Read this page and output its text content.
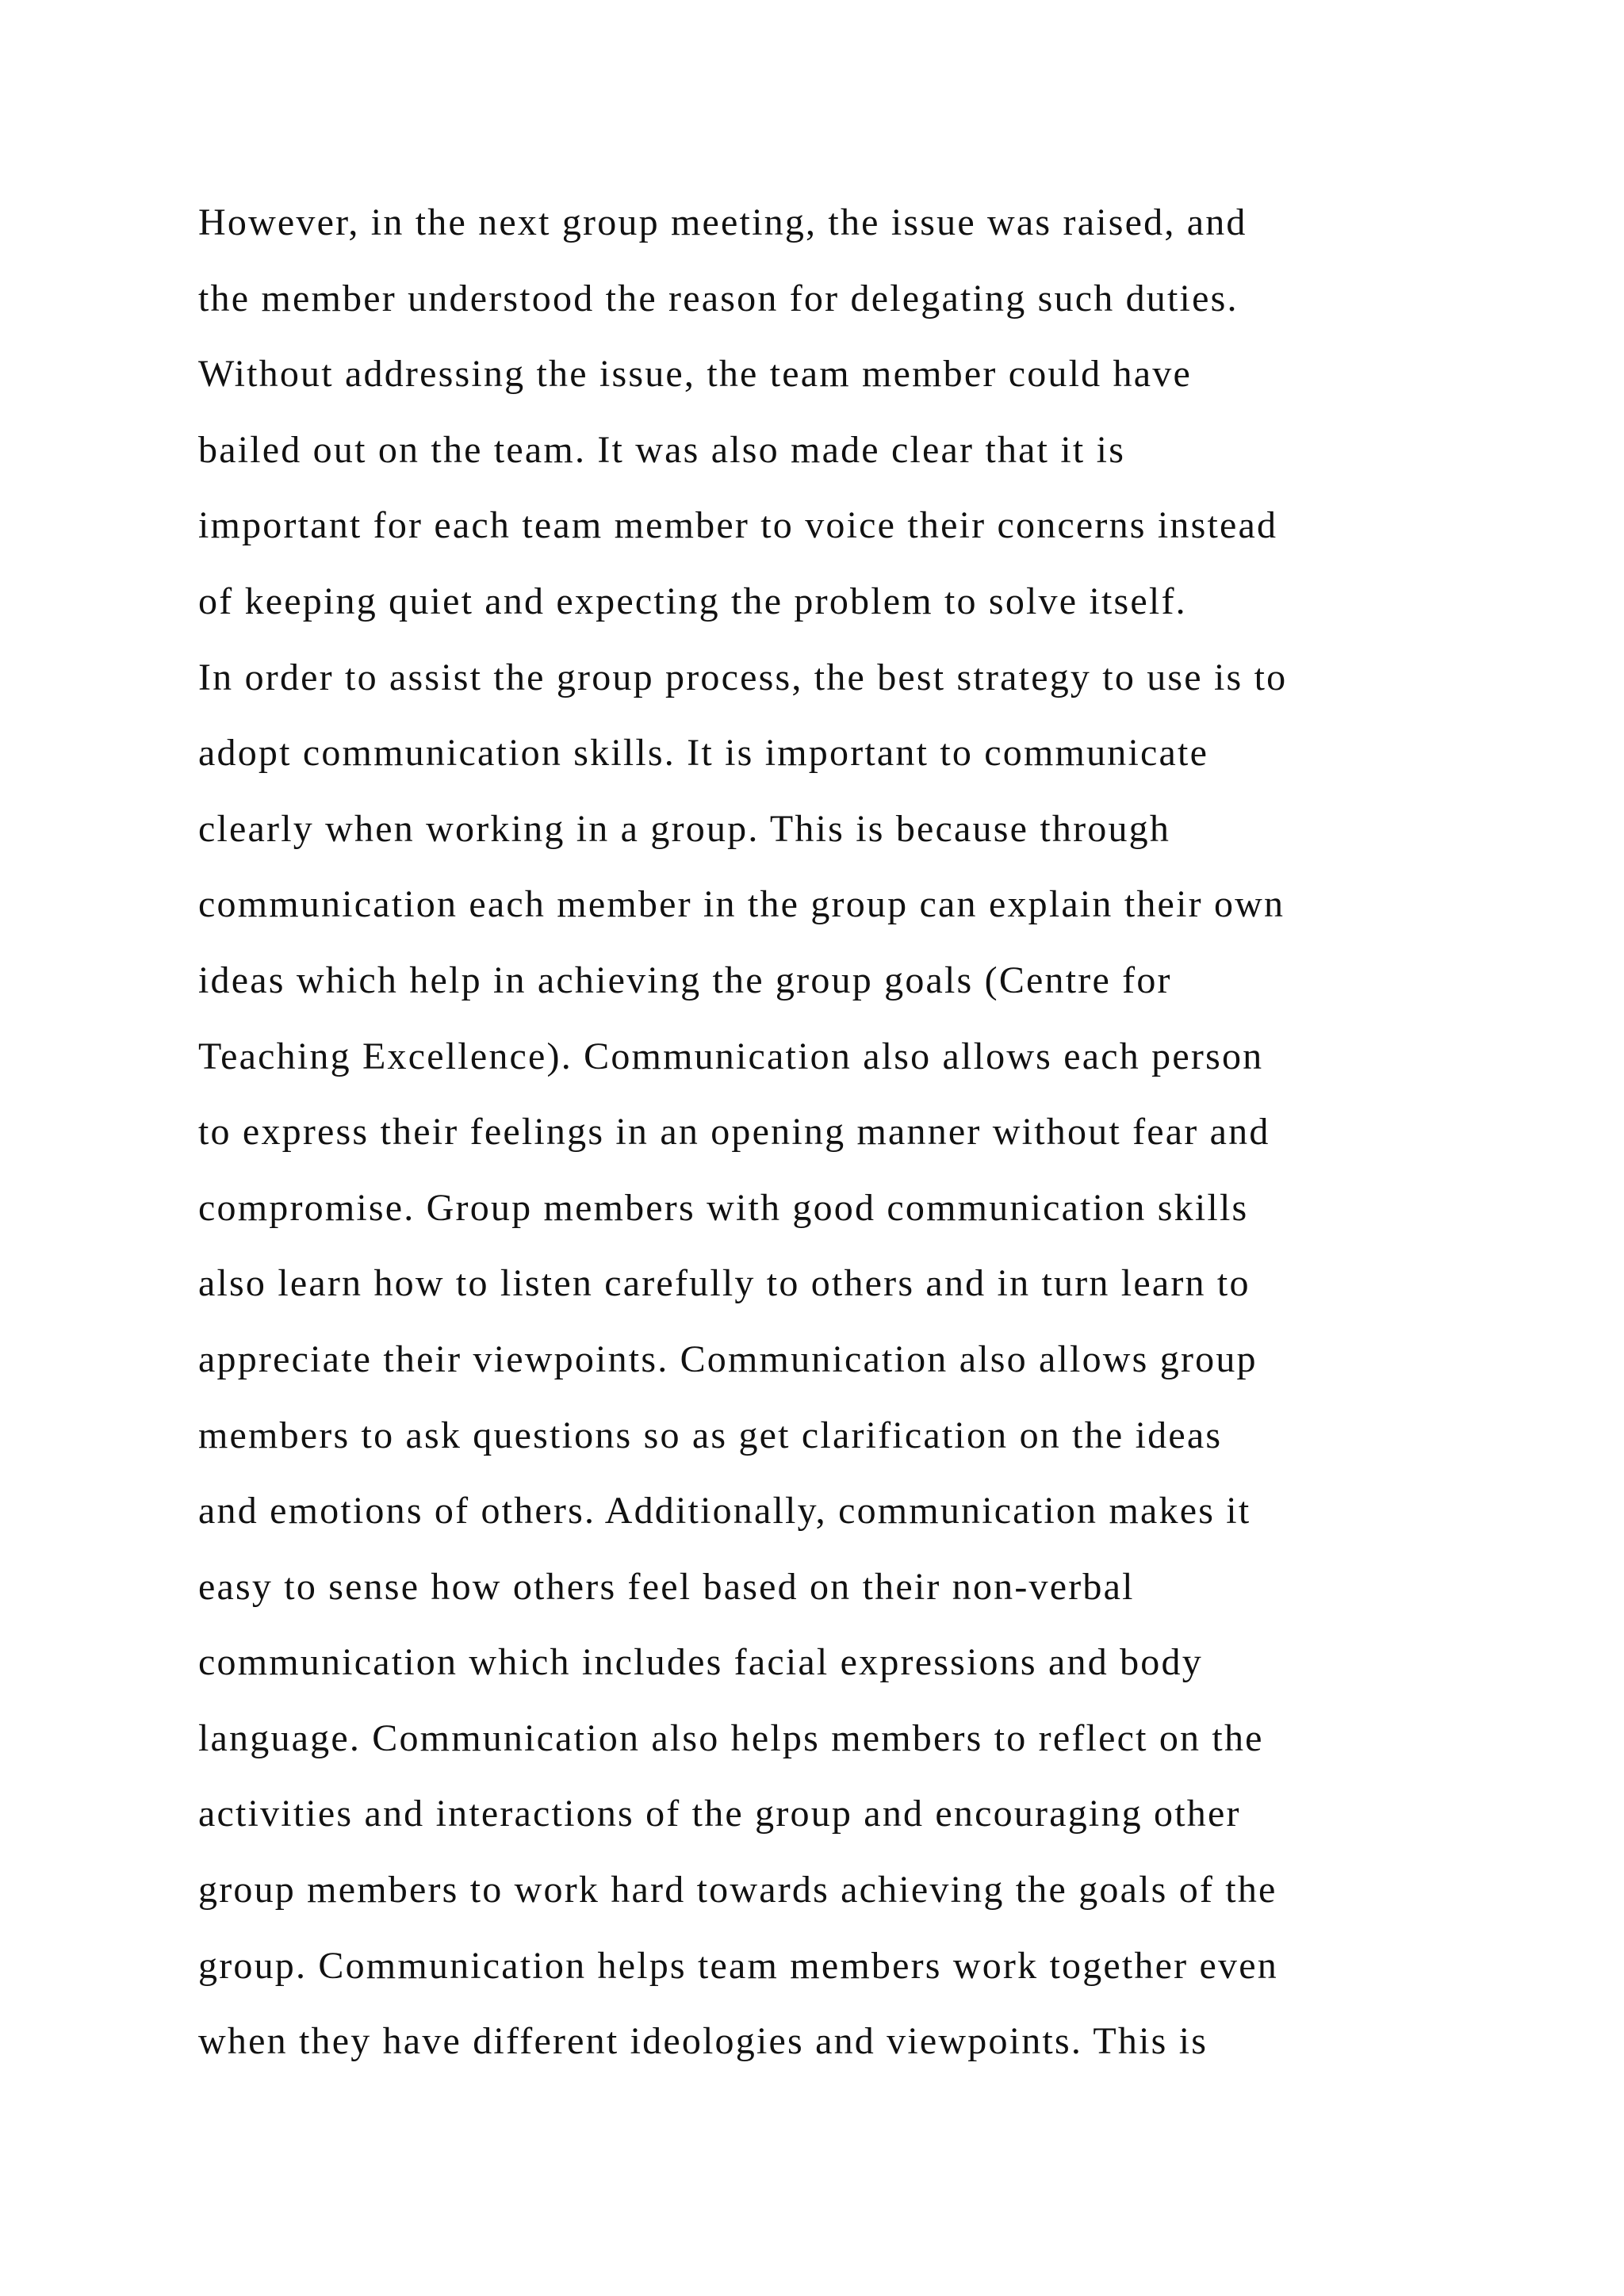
However, in the next group meeting, the issue was raised, and
the member understood the reason for delegating such duties.
Without addressing the issue, the team member could have
bailed out on the team. It was also made clear that it is
important for each team member to voice their concerns instead
of keeping quiet and expecting the problem to solve itself.
In order to assist the group process, the best strategy to use is to
adopt communication skills. It is important to communicate
clearly when working in a group. This is because through
communication each member in the group can explain their own
ideas which help in achieving the group goals (Centre for
Teaching Excellence). Communication also allows each person
to express their feelings in an opening manner without fear and
compromise. Group members with good communication skills
also learn how to listen carefully to others and in turn learn to
appreciate their viewpoints. Communication also allows group
members to ask questions so as get clarification on the ideas
and emotions of others. Additionally, communication makes it
easy to sense how others feel based on their non-verbal
communication which includes facial expressions and body
language. Communication also helps members to reflect on the
activities and interactions of the group and encouraging other
group members to work hard towards achieving the goals of the
group. Communication helps team members work together even
when they have different ideologies and viewpoints. This is
